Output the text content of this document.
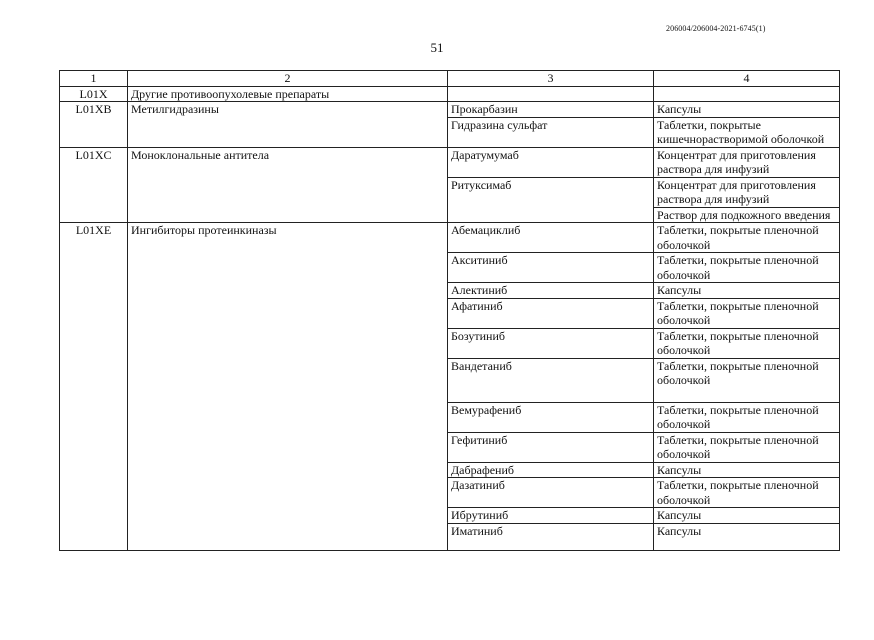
206004/206004-2021-6745(1)
51
1	2	3	4
L01X	Другие противоопухолевые препараты		
L01XB	Метилгидразины	Прокарбазин	Капсулы
		Гидразина сульфат	Таблетки, покрытые кишечнорастворимой оболочкой
L01XC	Моноклональные антитела	Даратумумаб	Концентрат для приготовления раствора для инфузий
		Ритуксимаб	Концентрат для приготовления раствора для инфузий
			Раствор для подкожного введения
L01XE	Ингибиторы протеинкиназы	Абемациклиб	Таблетки, покрытые пленочной оболочкой
		Акситиниб	Таблетки, покрытые пленочной оболочкой
		Алектиниб	Капсулы
		Афатиниб	Таблетки, покрытые пленочной оболочкой
		Бозутиниб	Таблетки, покрытые пленочной оболочкой
		Вандетаниб	Таблетки, покрытые пленочной оболочкой
		Вемурафениб	Таблетки, покрытые пленочной оболочкой
		Гефитиниб	Таблетки, покрытые пленочной оболочкой
		Дабрафениб	Капсулы
		Дазатиниб	Таблетки, покрытые пленочной оболочкой
		Ибрутиниб	Капсулы
		Иматиниб	Капсулы
